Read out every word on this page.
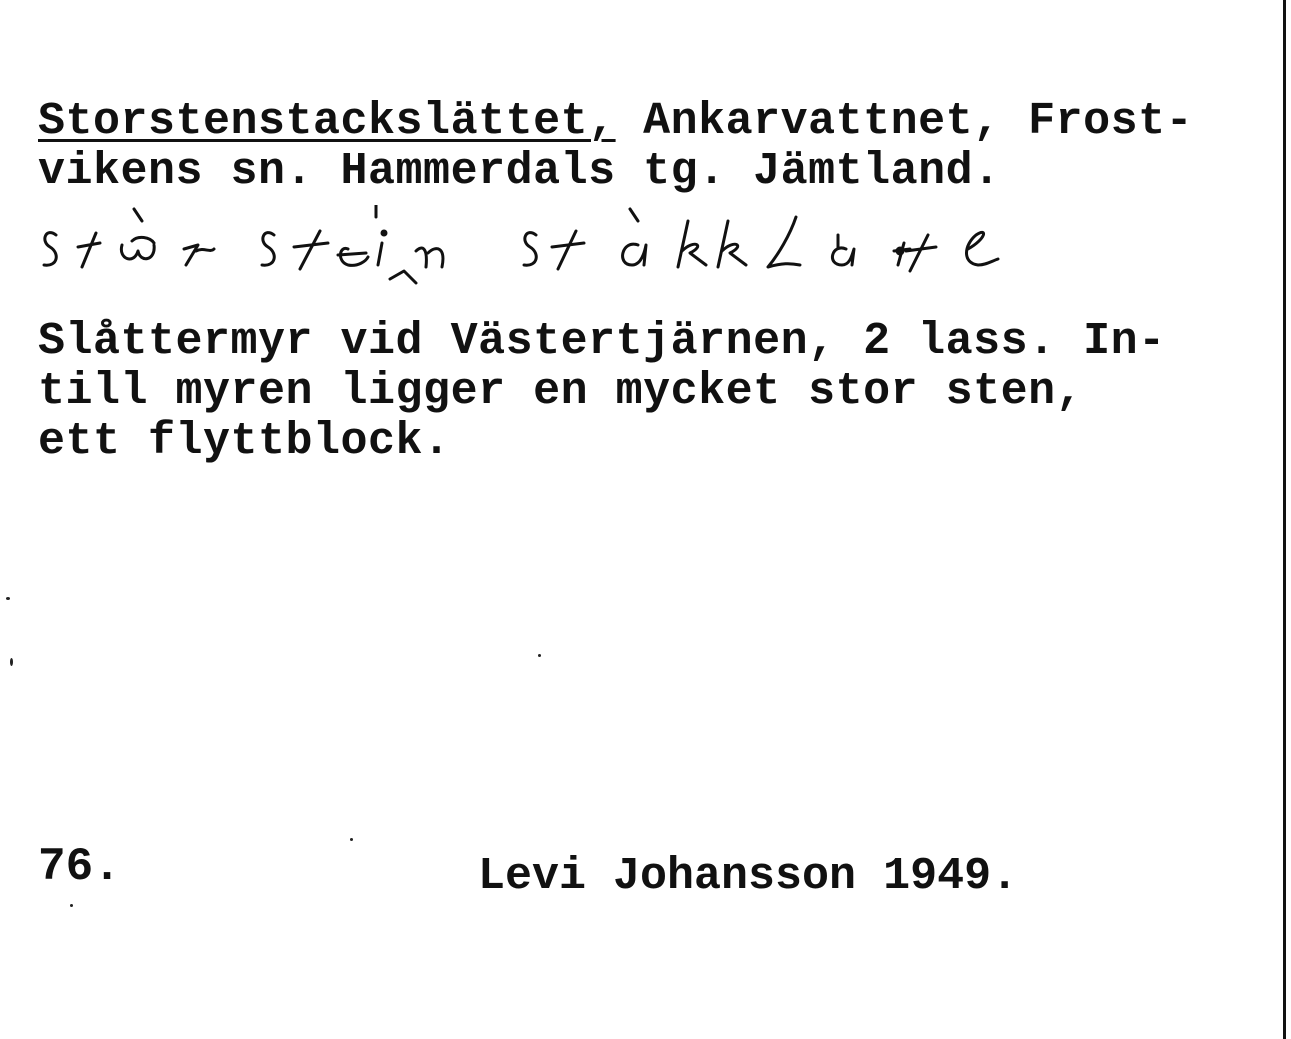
Storstenstackslättet, Ankarvattnet, Frost-
vikens sn. Hammerdals tg. Jämtland.
Slåttermyr vid Västertjärnen, 2 lass. In-
till myren ligger en mycket stor sten,
ett flyttblock.
76.	Levi Johansson 1949.
